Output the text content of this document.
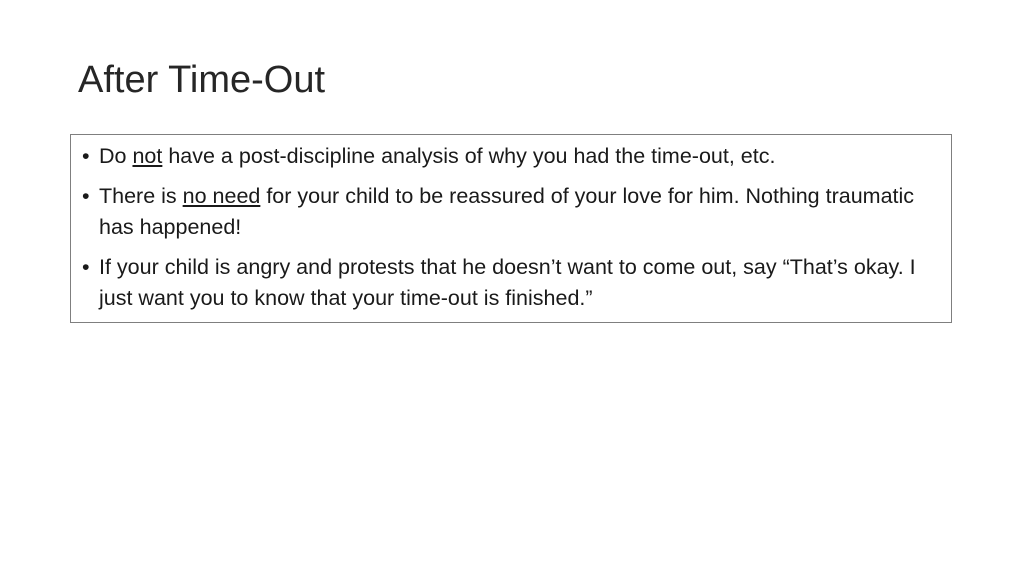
After Time-Out
• Do not have a post-discipline analysis of why you had the time-out, etc.
• There is no need for your child to be reassured of your love for him. Nothing traumatic has happened!
• If your child is angry and protests that he doesn’t want to come out, say “That’s okay. I just want you to know that your time-out is finished.”
